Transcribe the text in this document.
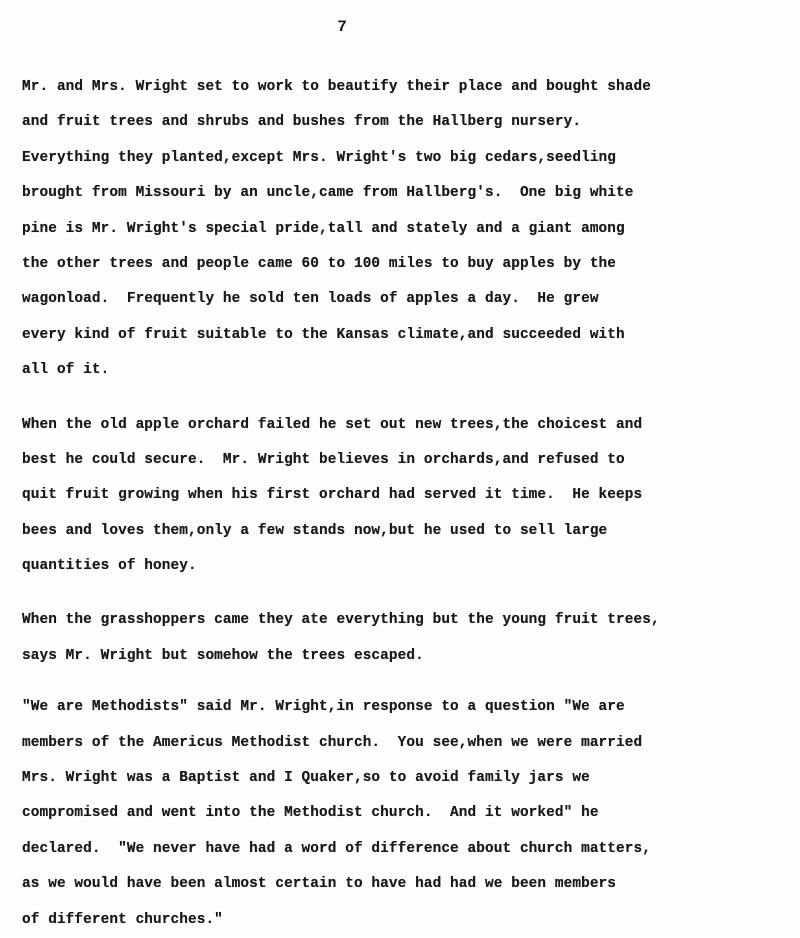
7
Mr. and Mrs. Wright set to work to beautify their place and bought shade
and fruit trees and shrubs and bushes from the Hallberg nursery.
Everything they planted,except Mrs. Wright's two big cedars,seedling
brought from Missouri by an uncle,came from Hallberg's.  One big white
pine is Mr. Wright's special pride,tall and stately and a giant among
the other trees and people came 60 to 100 miles to buy apples by the
wagonload.  Frequently he sold ten loads of apples a day.  He grew
every kind of fruit suitable to the Kansas climate,and succeeded with
all of it.
When the old apple orchard failed he set out new trees,the choicest and
best he could secure.  Mr. Wright believes in orchards,and refused to
quit fruit growing when his first orchard had served it time.  He keeps
bees and loves them,only a few stands now,but he used to sell large
quantities of honey.
When the grasshoppers came they ate everything but the young fruit trees,
says Mr. Wright but somehow the trees escaped.
"We are Methodists" said Mr. Wright,in response to a question "We are
members of the Americus Methodist church.  You see,when we were married
Mrs. Wright was a Baptist and I Quaker,so to avoid family jars we
compromised and went into the Methodist church.  And it worked" he
declared.  "We never have had a word of difference about church matters,
as we would have been almost certain to have had had we been members
of different churches."
